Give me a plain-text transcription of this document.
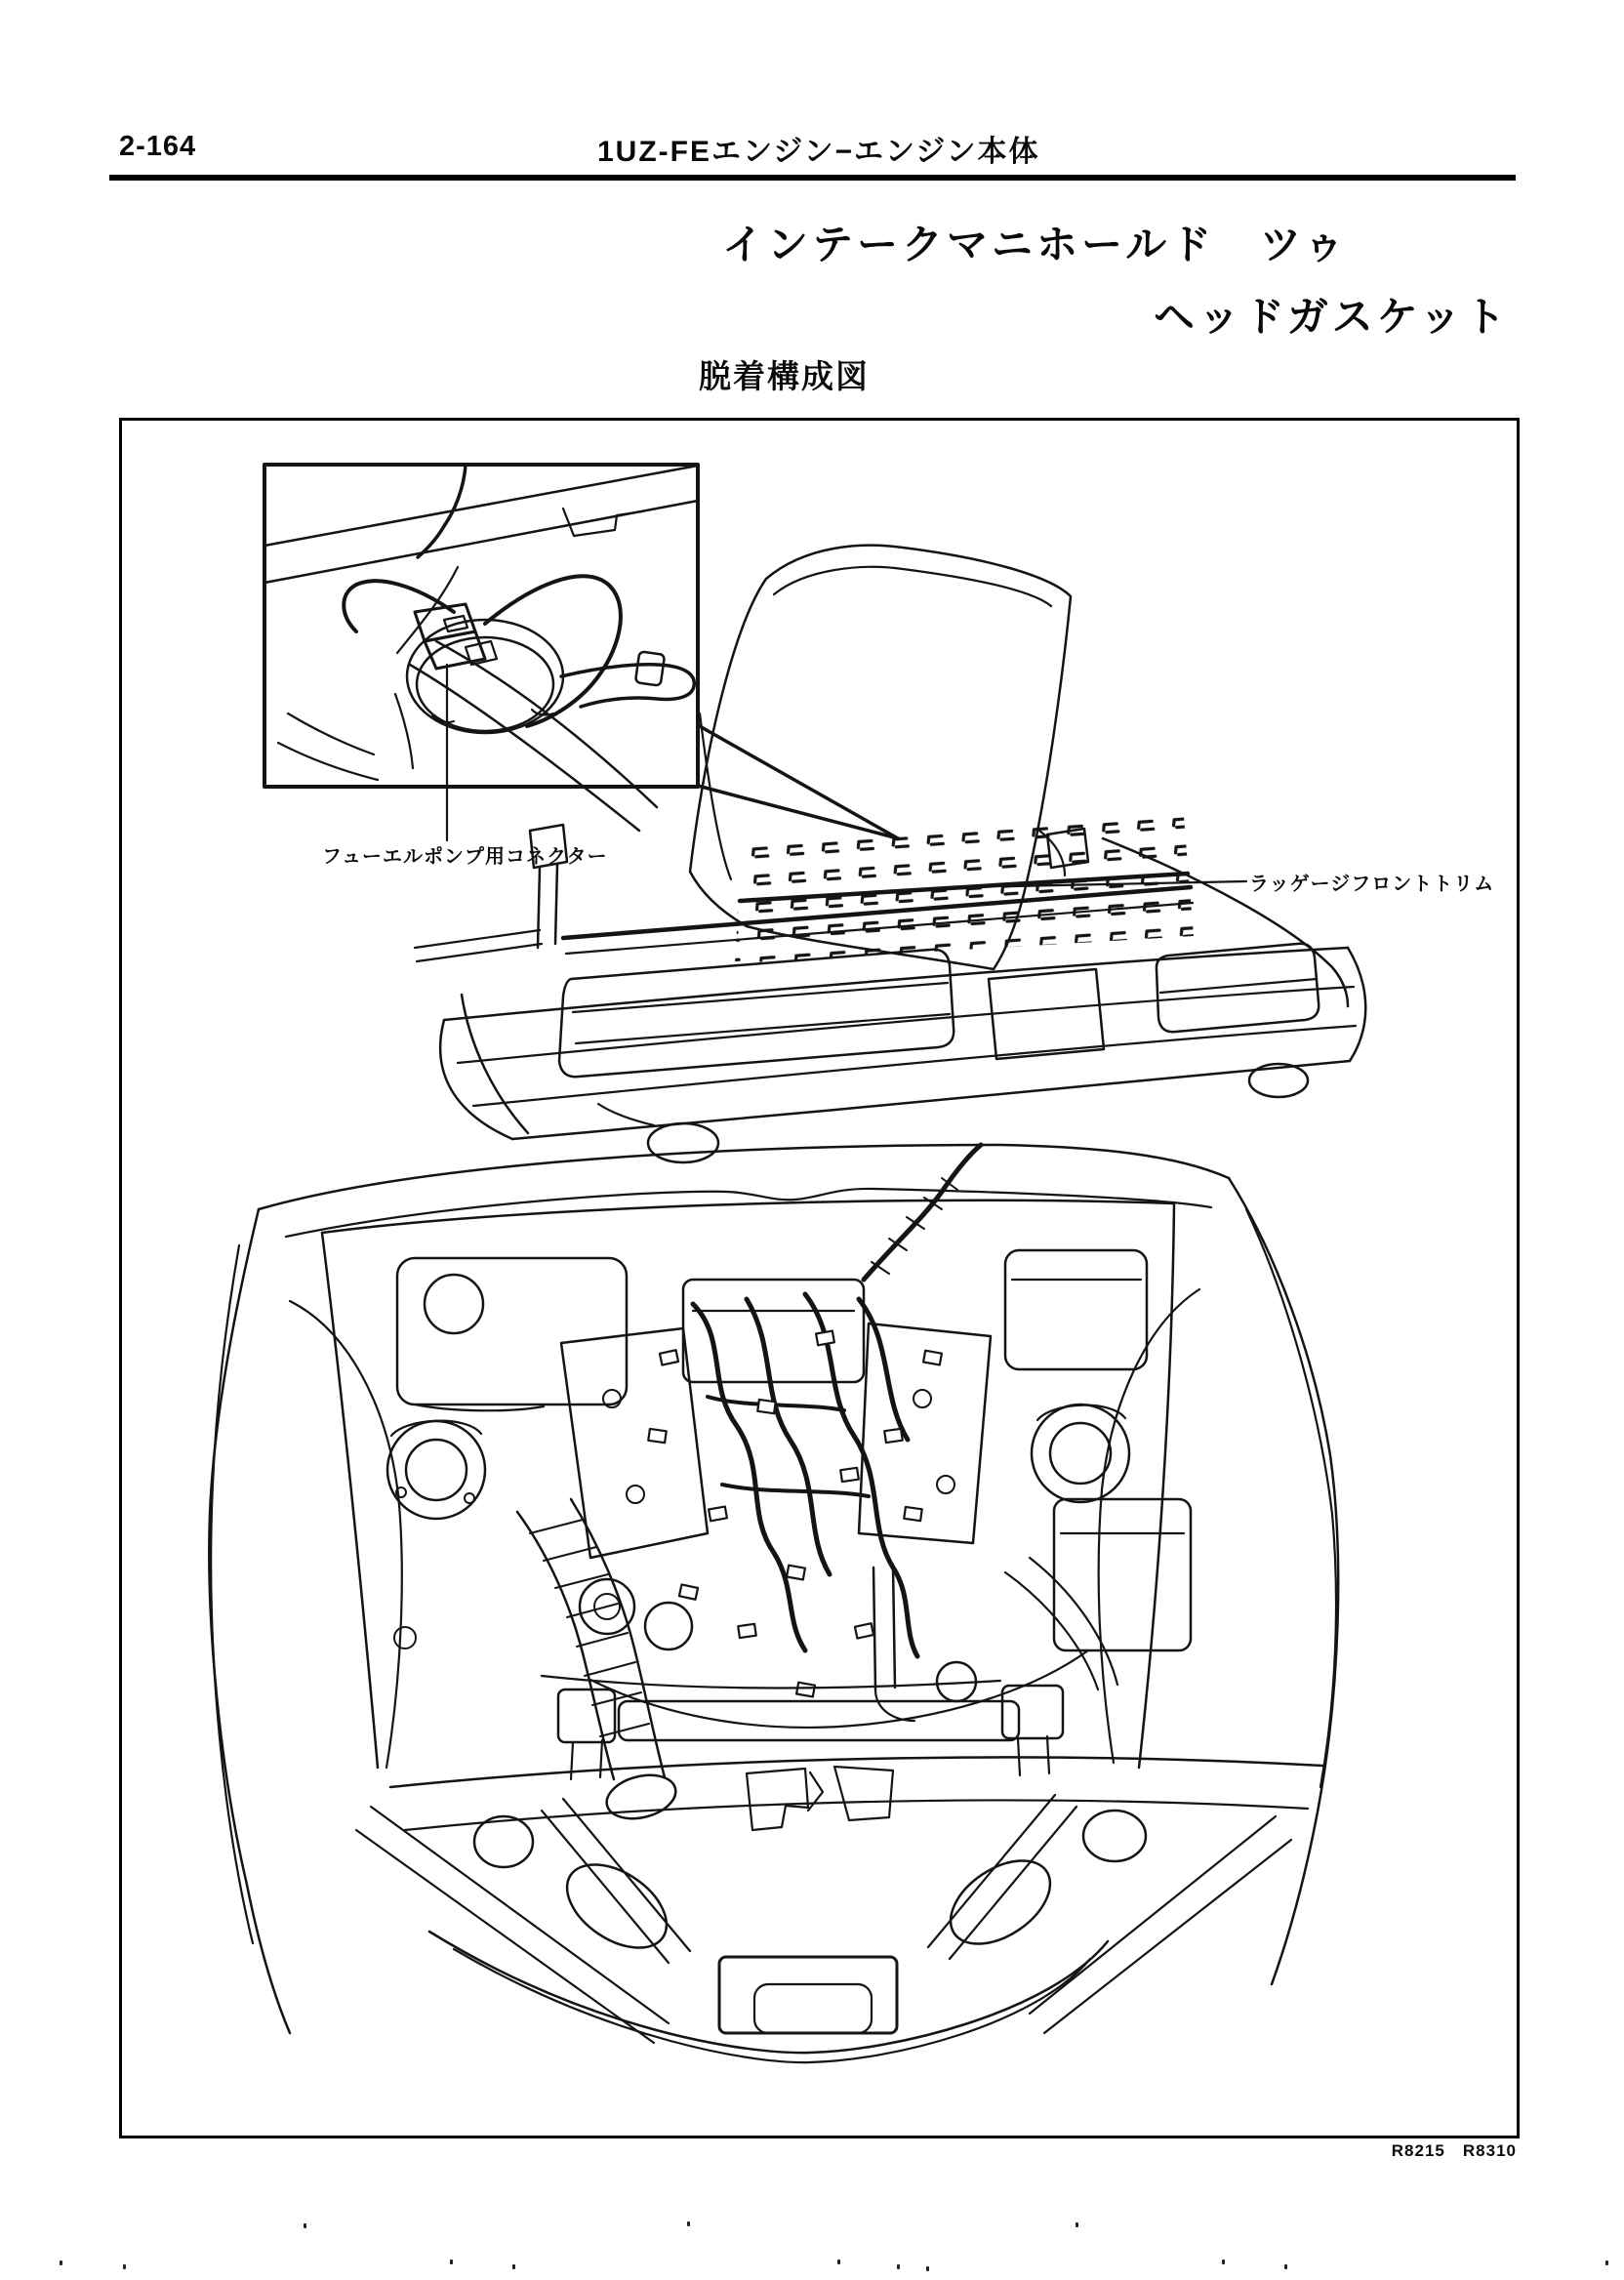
2-164	1UZ-FEエンジン−エンジン本体
インテークマニホールド　ツゥ
ヘッドガスケット
脱着構成図
フューエルポンプ用コネクター
ラッゲージフロントトリム
R8215 R8310
